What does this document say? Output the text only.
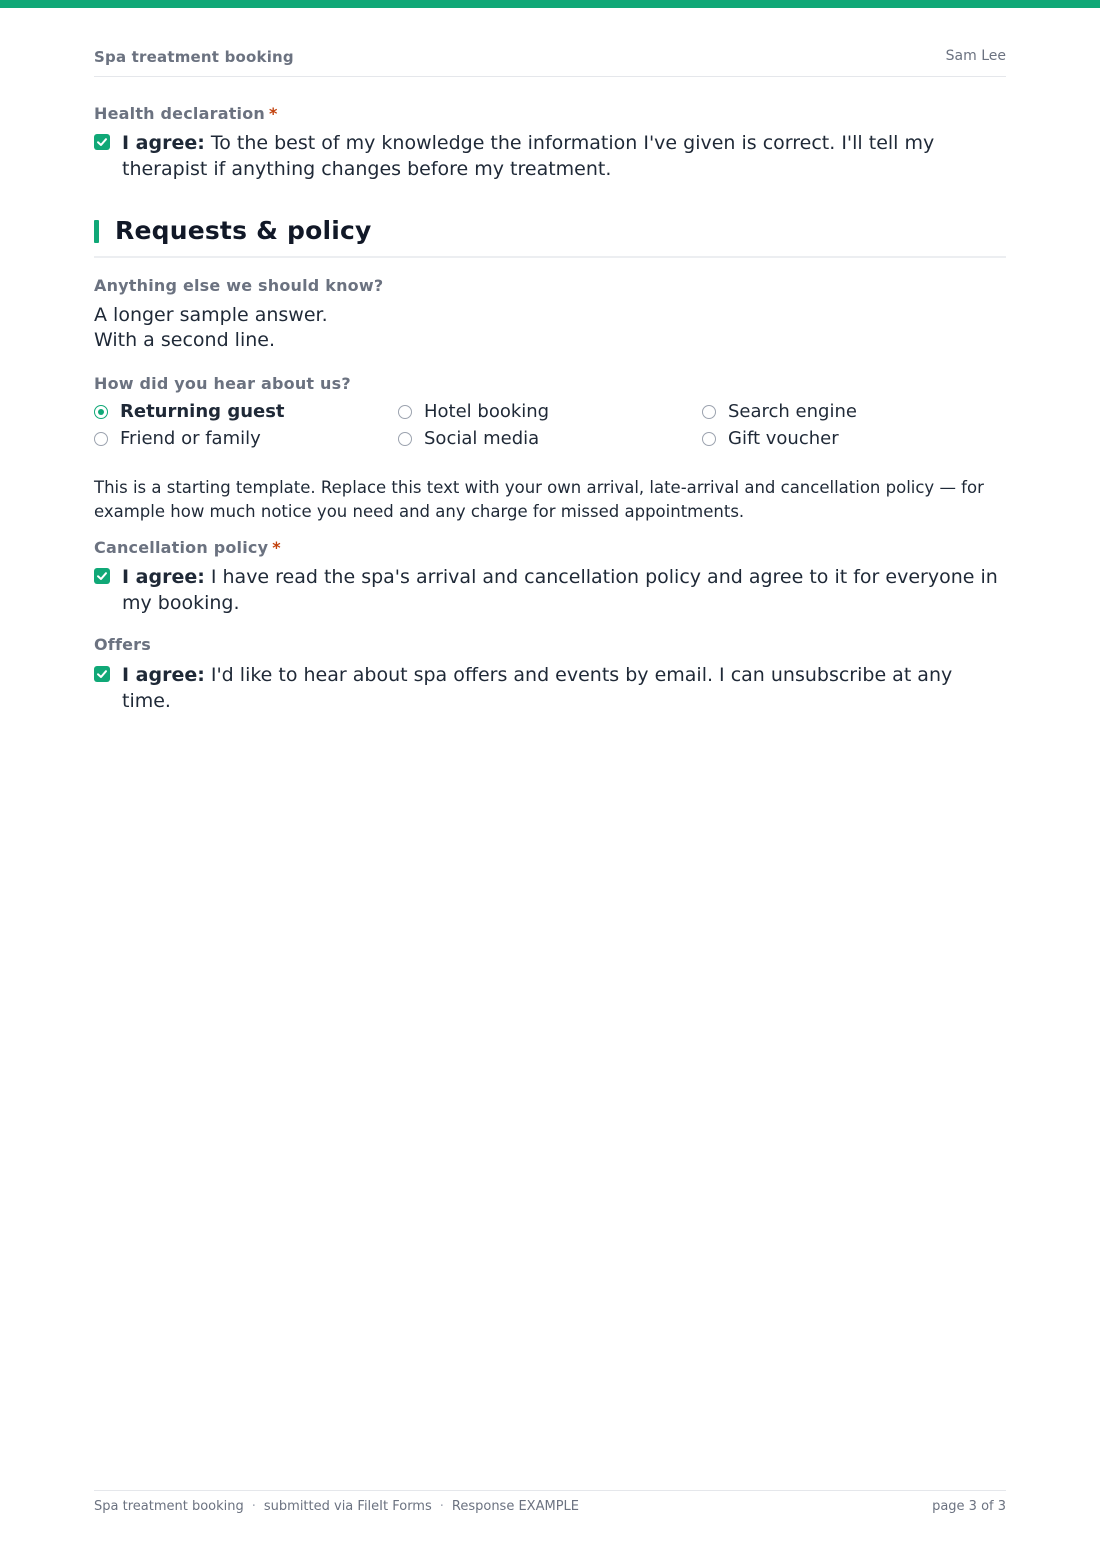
Spa treatment booking	Sam Lee
Health declaration *
I agree: To the best of my knowledge the information I've given is correct. I'll tell my therapist if anything changes before my treatment.
Requests & policy
Anything else we should know?
A longer sample answer.
With a second line.
How did you hear about us?
Returning guest	Hotel booking	Search engine
Friend or family	Social media	Gift voucher
This is a starting template. Replace this text with your own arrival, late-arrival and cancellation policy — for example how much notice you need and any charge for missed appointments.
Cancellation policy *
I agree: I have read the spa's arrival and cancellation policy and agree to it for everyone in my booking.
Offers
I agree: I'd like to hear about spa offers and events by email. I can unsubscribe at any time.
Spa treatment booking · submitted via FileIt Forms · Response EXAMPLE	page 3 of 3
